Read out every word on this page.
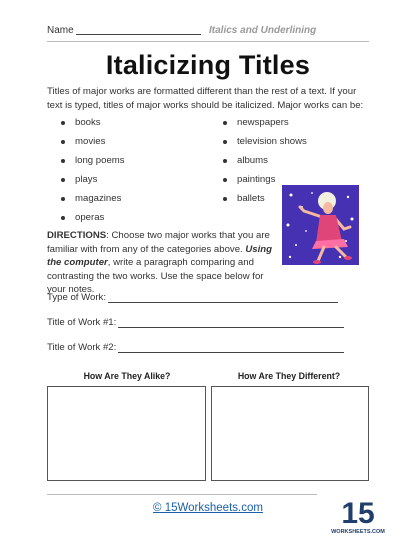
Name	Italics and Underlining
Italicizing Titles
Titles of major works are formatted different than the rest of a text. If your text is typed, titles of major works should be italicized. Major works can be:
books
movies
long poems
plays
magazines
operas
newspapers
television shows
albums
paintings
ballets
DIRECTIONS: Choose two major works that you are familiar with from any of the categories above. Using the computer, write a paragraph comparing and contrasting the two works. Use the space below for your notes.
Type of Work:
Title of Work #1:
Title of Work #2:
How Are They Alike?	How Are They Different?
© 15Worksheets.com	15
WORKSHEETS.COM
